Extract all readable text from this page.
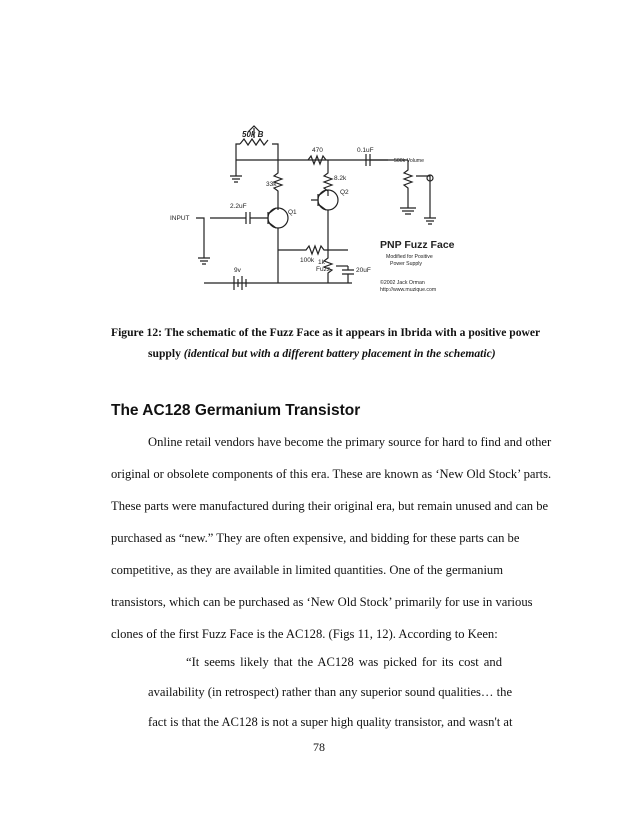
50k B
470	0.1uF
500k Volume
33k
8.2k
Q2
Q1
2.2uF
INPUT
100k 1k
Fuzz	20uF
9v
PNP Fuzz Face
Modified for Positive
Power Supply
©2002 Jack Orman
http://www.muzique.com
Figure 12: The schematic of the Fuzz Face as it appears in Ibrida with a positive power
supply (identical but with a different battery placement in the schematic)
The AC128 Germanium Transistor
Online retail vendors have become the primary source for hard to find and other
original or obsolete components of this era. These are known as ‘New Old Stock’ parts.
These parts were manufactured during their original era, but remain unused and can be
purchased as “new.” They are often expensive, and bidding for these parts can be
competitive, as they are available in limited quantities. One of the germanium
transistors, which can be purchased as ‘New Old Stock’ primarily for use in various
clones of the first Fuzz Face is the AC128. (Figs 11, 12). According to Keen:
“It seems likely that the AC128 was picked for its cost and
availability (in retrospect) rather than any superior sound qualities… the
fact is that the AC128 is not a super high quality transistor, and wasn't at
78
